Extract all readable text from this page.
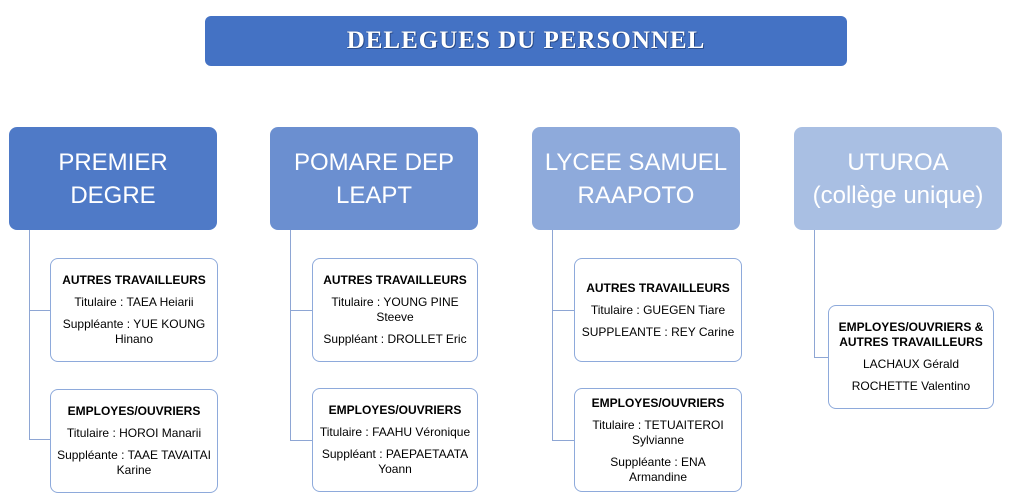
DELEGUES DU PERSONNEL
PREMIER
DEGRE
AUTRES TRAVAILLEURS
Titulaire : TAEA Heiarii
Suppléante : YUE KOUNG Hinano
EMPLOYES/OUVRIERS
Titulaire : HOROI Manarii
Suppléante : TAAE TAVAITAI Karine
POMARE DEP
LEAPT
AUTRES TRAVAILLEURS
Titulaire : YOUNG PINE Steeve
Suppléant : DROLLET Eric
EMPLOYES/OUVRIERS
Titulaire : FAAHU Véronique
Suppléant : PAEPAETAATA Yoann
LYCEE SAMUEL
RAAPOTO
AUTRES TRAVAILLEURS
Titulaire : GUEGEN Tiare
SUPPLEANTE : REY Carine
EMPLOYES/OUVRIERS
Titulaire : TETUAITEROI Sylvianne
Suppléante : ENA Armandine
UTUROA
(collège unique)
EMPLOYES/OUVRIERS & AUTRES TRAVAILLEURS
LACHAUX Gérald
ROCHETTE Valentino
